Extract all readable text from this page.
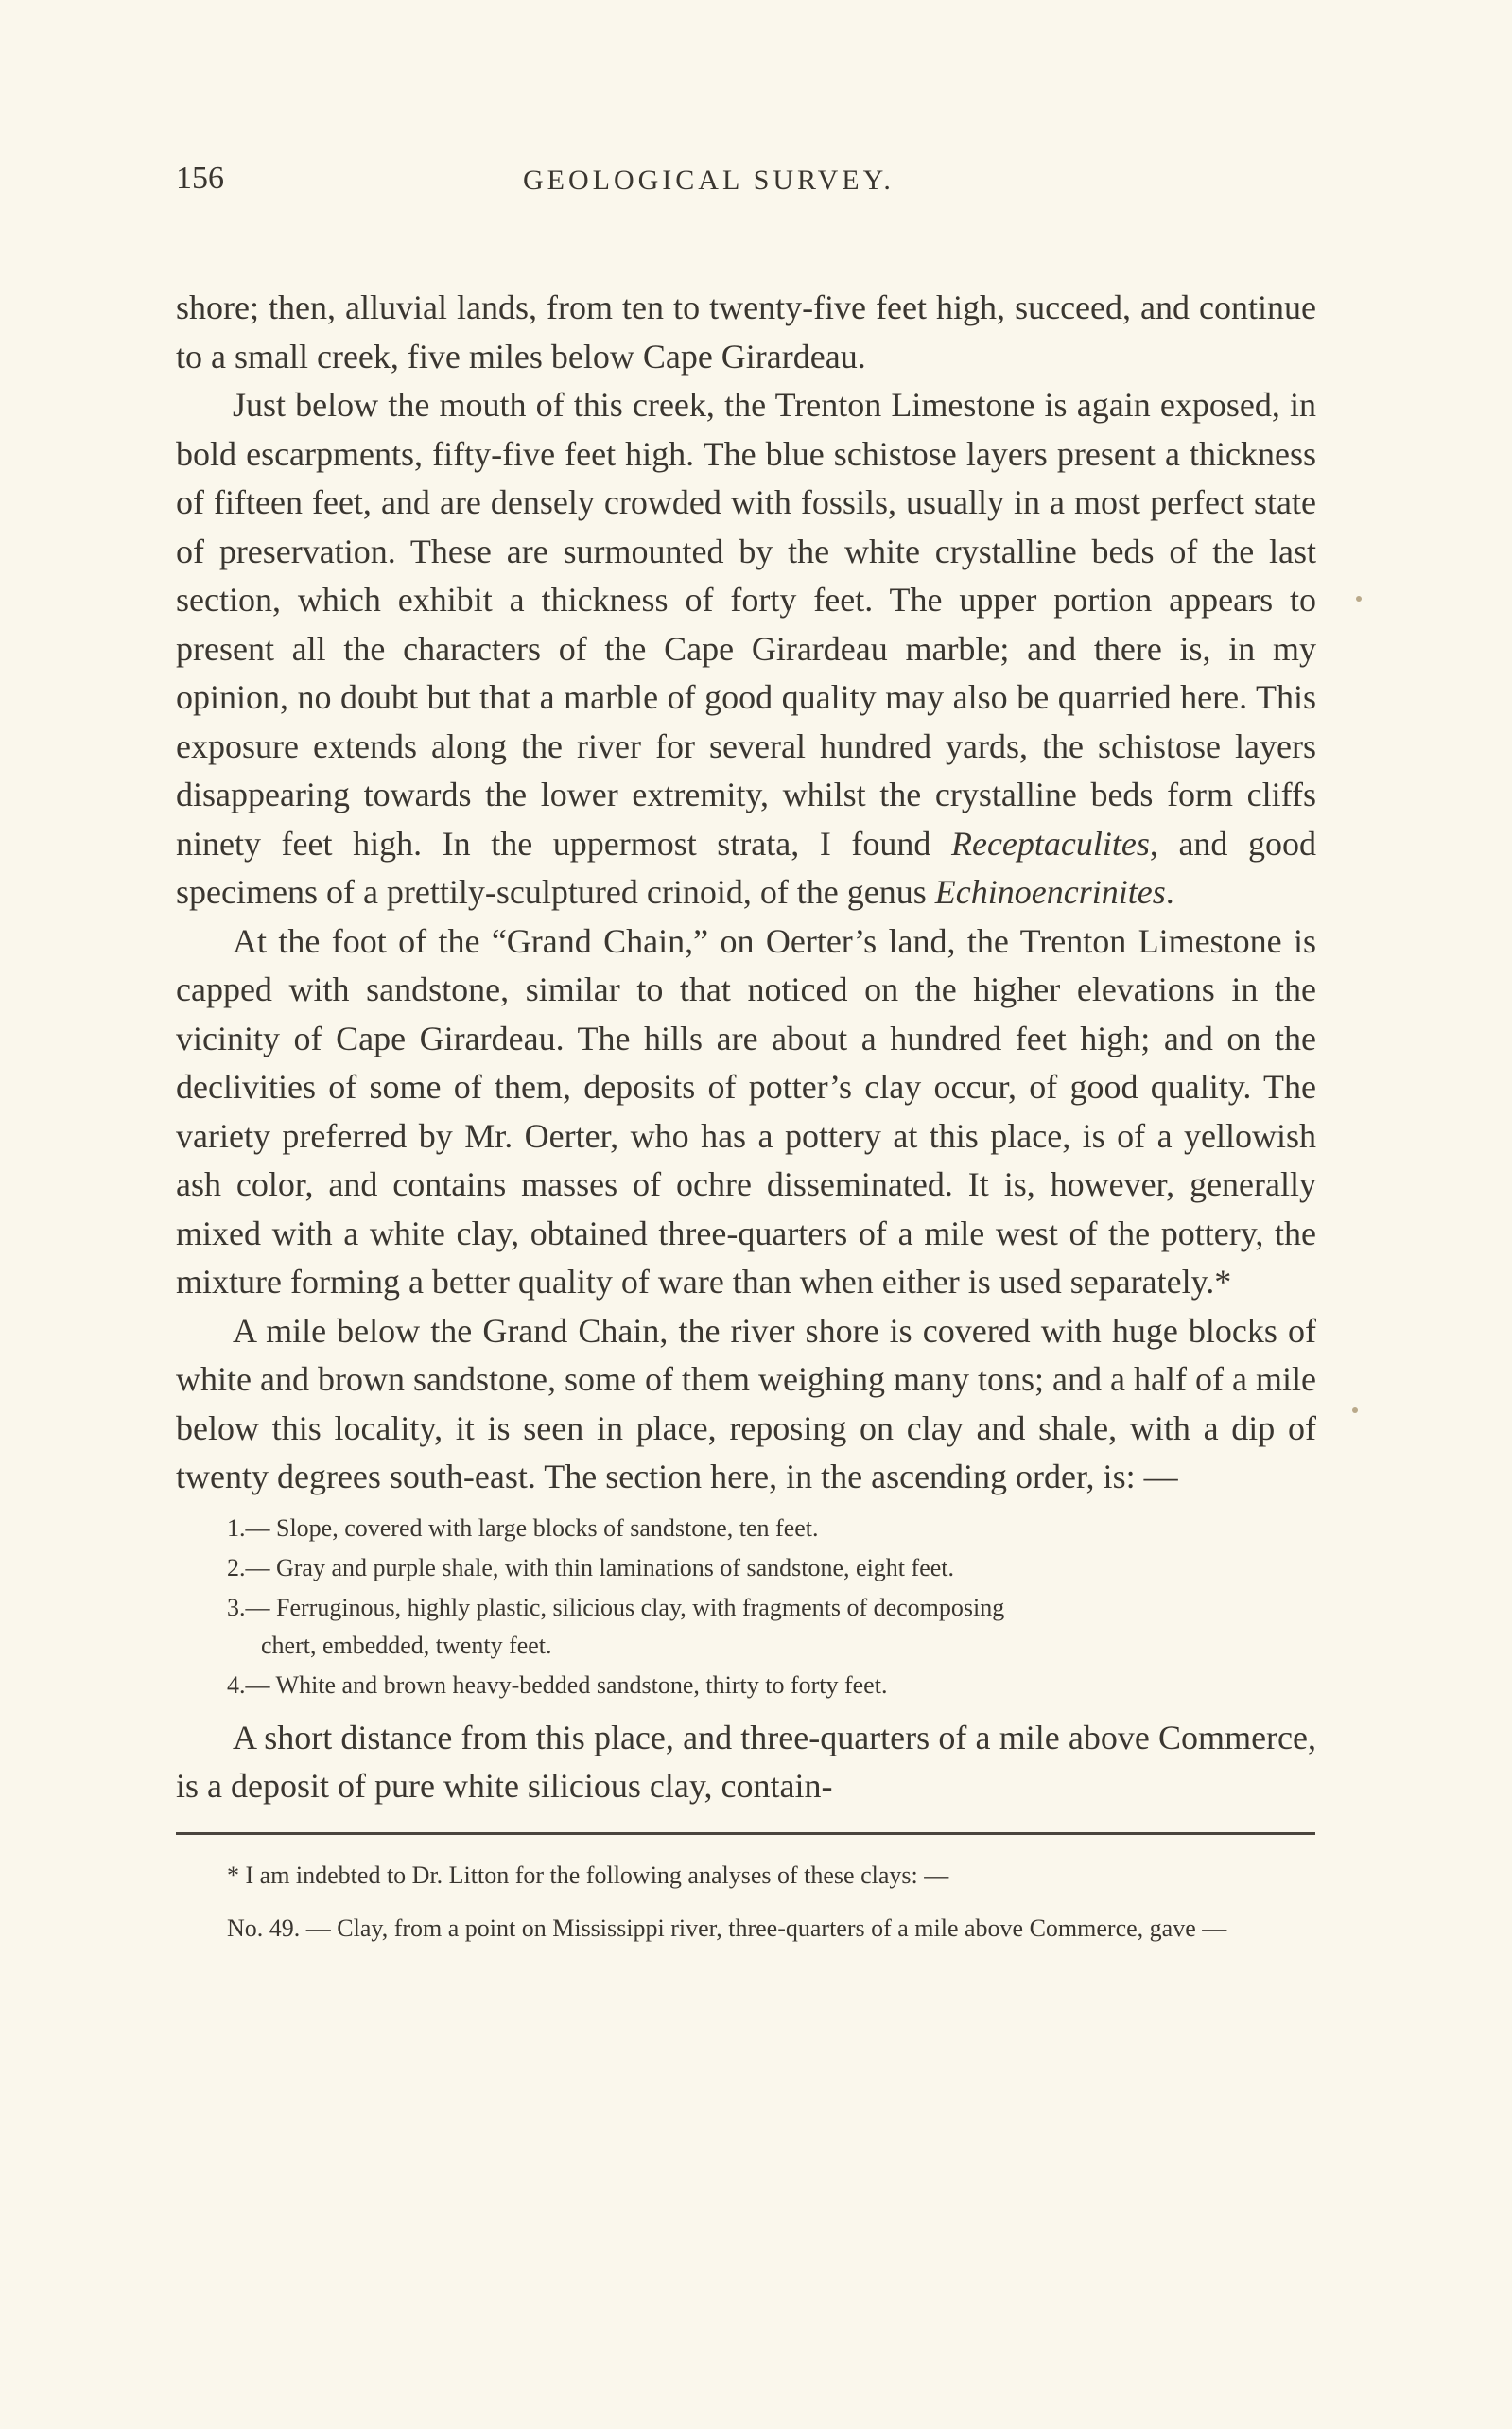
156	GEOLOGICAL SURVEY.

shore; then, alluvial lands, from ten to twenty-five feet high, succeed, and continue to a small creek, five miles below Cape Girardeau.

Just below the mouth of this creek, the Trenton Limestone is again exposed, in bold escarpments, fifty-five feet high. The blue schistose layers present a thickness of fifteen feet, and are densely crowded with fossils, usually in a most perfect state of preservation. These are surmounted by the white crystalline beds of the last section, which exhibit a thickness of forty feet. The upper portion appears to present all the characters of the Cape Girardeau marble; and there is, in my opinion, no doubt but that a marble of good quality may also be quarried here. This exposure extends along the river for several hundred yards, the schistose layers disappearing towards the lower extremity, whilst the crystalline beds form cliffs ninety feet high. In the uppermost strata, I found Receptaculites, and good specimens of a prettily-sculptured crinoid, of the genus Echinoencrinites.

At the foot of the “Grand Chain,” on Oerter’s land, the Trenton Limestone is capped with sandstone, similar to that noticed on the higher elevations in the vicinity of Cape Girardeau. The hills are about a hundred feet high; and on the declivities of some of them, deposits of potter’s clay occur, of good quality. The variety preferred by Mr. Oerter, who has a pottery at this place, is of a yellowish ash color, and contains masses of ochre disseminated. It is, however, generally mixed with a white clay, obtained three-quarters of a mile west of the pottery, the mixture forming a better quality of ware than when either is used separately.*

A mile below the Grand Chain, the river shore is covered with huge blocks of white and brown sandstone, some of them weighing many tons; and a half of a mile below this locality, it is seen in place, reposing on clay and shale, with a dip of twenty degrees south-east. The section here, in the ascending order, is: —

1.— Slope, covered with large blocks of sandstone, ten feet.
2.— Gray and purple shale, with thin laminations of sandstone, eight feet.
3.— Ferruginous, highly plastic, silicious clay, with fragments of decomposing
chert, embedded, twenty feet.
4.— White and brown heavy-bedded sandstone, thirty to forty feet.

A short distance from this place, and three-quarters of a mile above Commerce, is a deposit of pure white silicious clay, contain-

* I am indebted to Dr. Litton for the following analyses of these clays: —

No. 49. — Clay, from a point on Mississippi river, three-quarters of a mile above Commerce, gave —
